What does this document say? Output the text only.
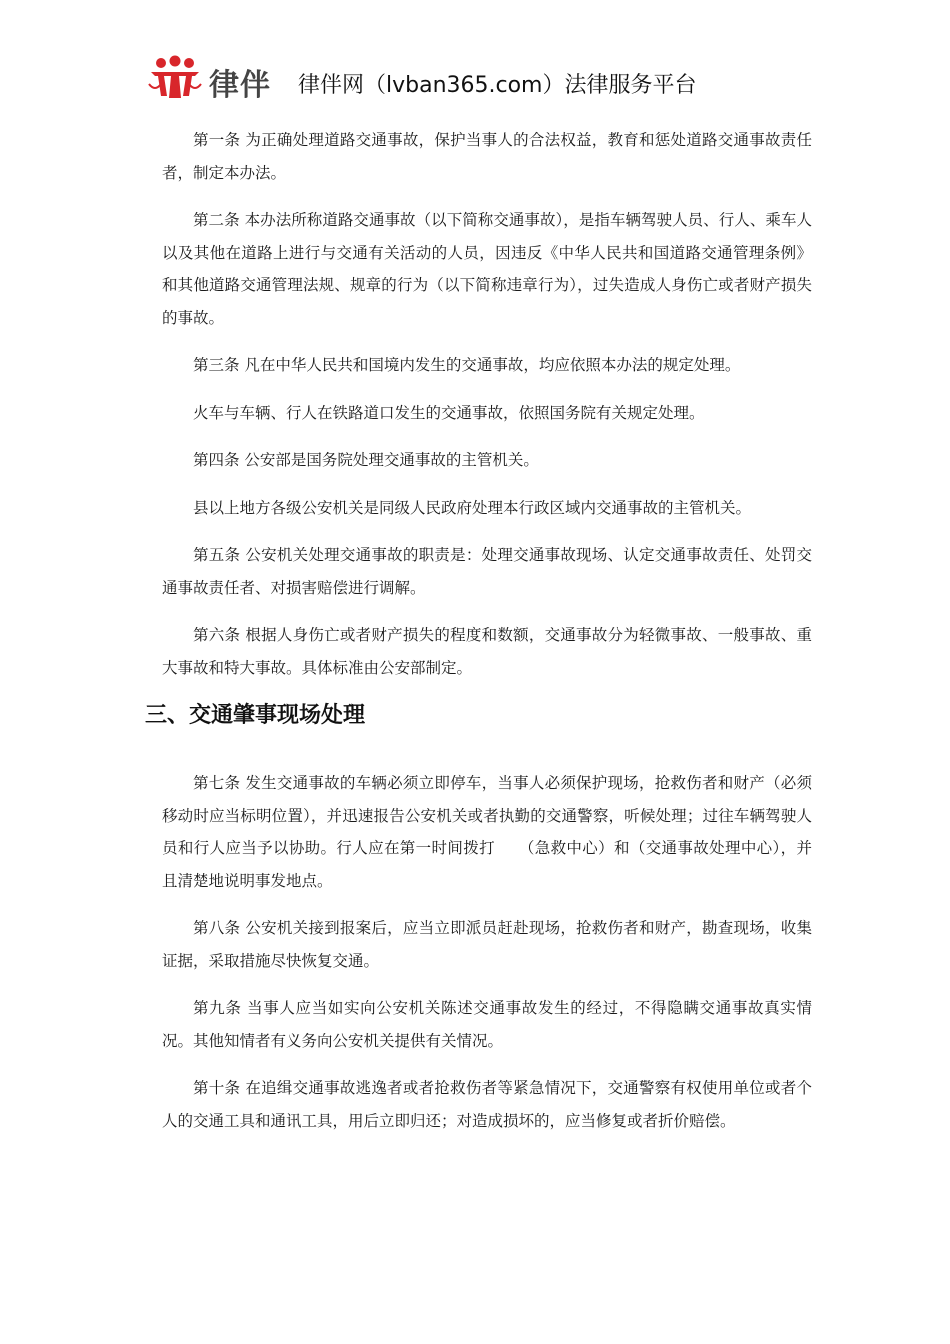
律伴 律伴网（lvban365.com）法律服务平台

第一条 为正确处理道路交通事故，保护当事人的合法权益，教育和惩处道路交通事故责任者，制定本办法。

第二条 本办法所称道路交通事故（以下简称交通事故），是指车辆驾驶人员、行人、乘车人以及其他在道路上进行与交通有关活动的人员，因违反《中华人民共和国道路交通管理条例》和其他道路交通管理法规、规章的行为（以下简称违章行为），过失造成人身伤亡或者财产损失的事故。

第三条 凡在中华人民共和国境内发生的交通事故，均应依照本办法的规定处理。

火车与车辆、行人在铁路道口发生的交通事故，依照国务院有关规定处理。

第四条 公安部是国务院处理交通事故的主管机关。

县以上地方各级公安机关是同级人民政府处理本行政区域内交通事故的主管机关。

第五条 公安机关处理交通事故的职责是：处理交通事故现场、认定交通事故责任、处罚交通事故责任者、对损害赔偿进行调解。

第六条 根据人身伤亡或者财产损失的程度和数额，交通事故分为轻微事故、一般事故、重大事故和特大事故。具体标准由公安部制定。

三、交通肇事现场处理

第七条 发生交通事故的车辆必须立即停车，当事人必须保护现场，抢救伤者和财产（必须移动时应当标明位置），并迅速报告公安机关或者执勤的交通警察，听候处理；过往车辆驾驶人员和行人应当予以协助。行人应在第一时间拨打　　（急救中心）和（交通事故处理中心），并且清楚地说明事发地点。

第八条 公安机关接到报案后，应当立即派员赶赴现场，抢救伤者和财产，勘查现场，收集证据，采取措施尽快恢复交通。

第九条 当事人应当如实向公安机关陈述交通事故发生的经过，不得隐瞒交通事故真实情况。其他知情者有义务向公安机关提供有关情况。

第十条 在追缉交通事故逃逸者或者抢救伤者等紧急情况下，交通警察有权使用单位或者个人的交通工具和通讯工具，用后立即归还；对造成损坏的，应当修复或者折价赔偿。
